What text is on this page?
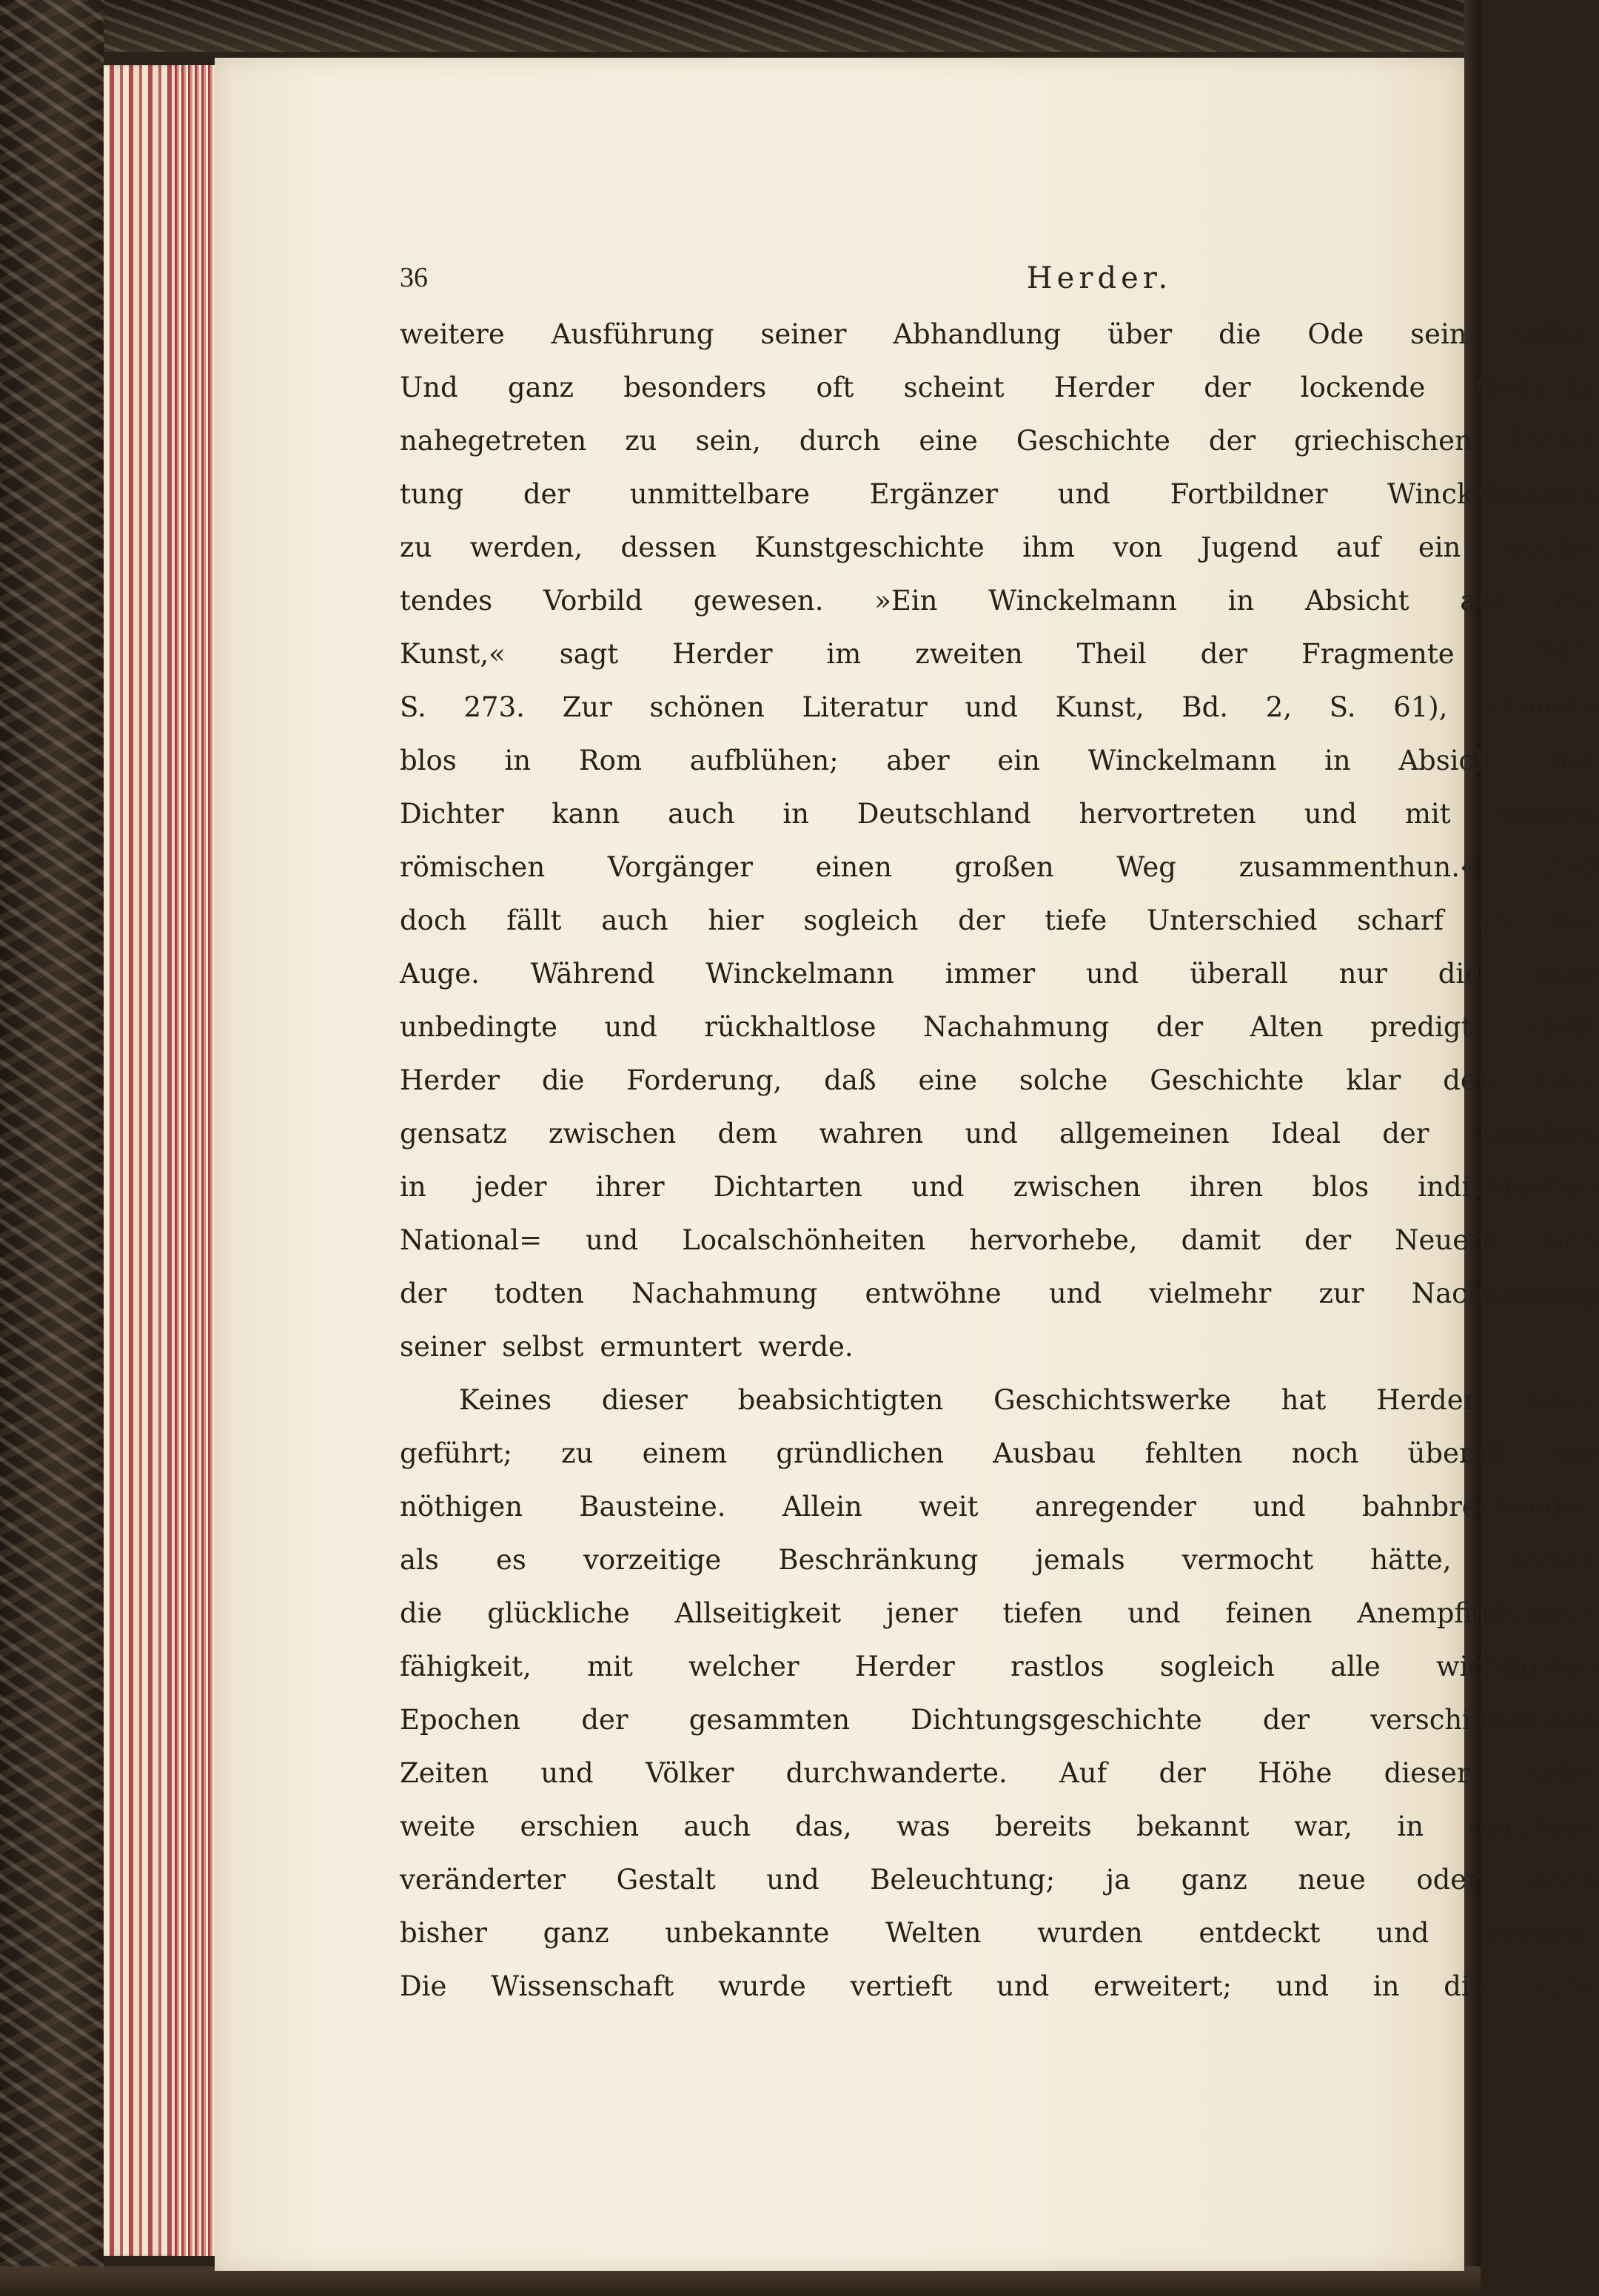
36	Herder.
weitere Ausführung seiner Abhandlung über die Ode sein sollte.
Und ganz besonders oft scheint Herder der lockende Gedanke
nahegetreten zu sein, durch eine Geschichte der griechischen Dich=
tung der unmittelbare Ergänzer und Fortbildner Winckelmann's
zu werden, dessen Kunstgeschichte ihm von Jugend auf ein leuch=
tendes Vorbild gewesen. »Ein Winckelmann in Absicht auf die
Kunst,« sagt Herder im zweiten Theil der Fragmente (1767,
S. 273. Zur schönen Literatur und Kunst, Bd. 2, S. 61), »konnte
blos in Rom aufblühen; aber ein Winckelmann in Absicht der
Dichter kann auch in Deutschland hervortreten und mit seinem
römischen Vorgänger einen großen Weg zusammenthun.« Und
doch fällt auch hier sogleich der tiefe Unterschied scharf in das
Auge. Während Winckelmann immer und überall nur die ganz
unbedingte und rückhaltlose Nachahmung der Alten predigt, stellt
Herder die Forderung, daß eine solche Geschichte klar den Ge=
gensatz zwischen dem wahren und allgemeinen Ideal der Griechen
in jeder ihrer Dichtarten und zwischen ihren blos individuellen
National= und Localschönheiten hervorhebe, damit der Neuere sich
der todten Nachahmung entwöhne und vielmehr zur Nachahmung
seiner selbst ermuntert werde.
Keines dieser beabsichtigten Geschichtswerke hat Herder aus=
geführt; zu einem gründlichen Ausbau fehlten noch überall die
nöthigen Bausteine. Allein weit anregender und bahnbrechender,
als es vorzeitige Beschränkung jemals vermocht hätte, wirkte
die glückliche Allseitigkeit jener tiefen und feinen Anempfindungs=
fähigkeit, mit welcher Herder rastlos sogleich alle wichtigsten
Epochen der gesammten Dichtungsgeschichte der verschiedensten
Zeiten und Völker durchwanderte. Auf der Höhe dieser Seh=
weite erschien auch das, was bereits bekannt war, in durchaus
veränderter Gestalt und Beleuchtung; ja ganz neue oder doch
bisher ganz unbekannte Welten wurden entdeckt und erobert.
Die Wissenschaft wurde vertieft und erweitert; und in die auf=
